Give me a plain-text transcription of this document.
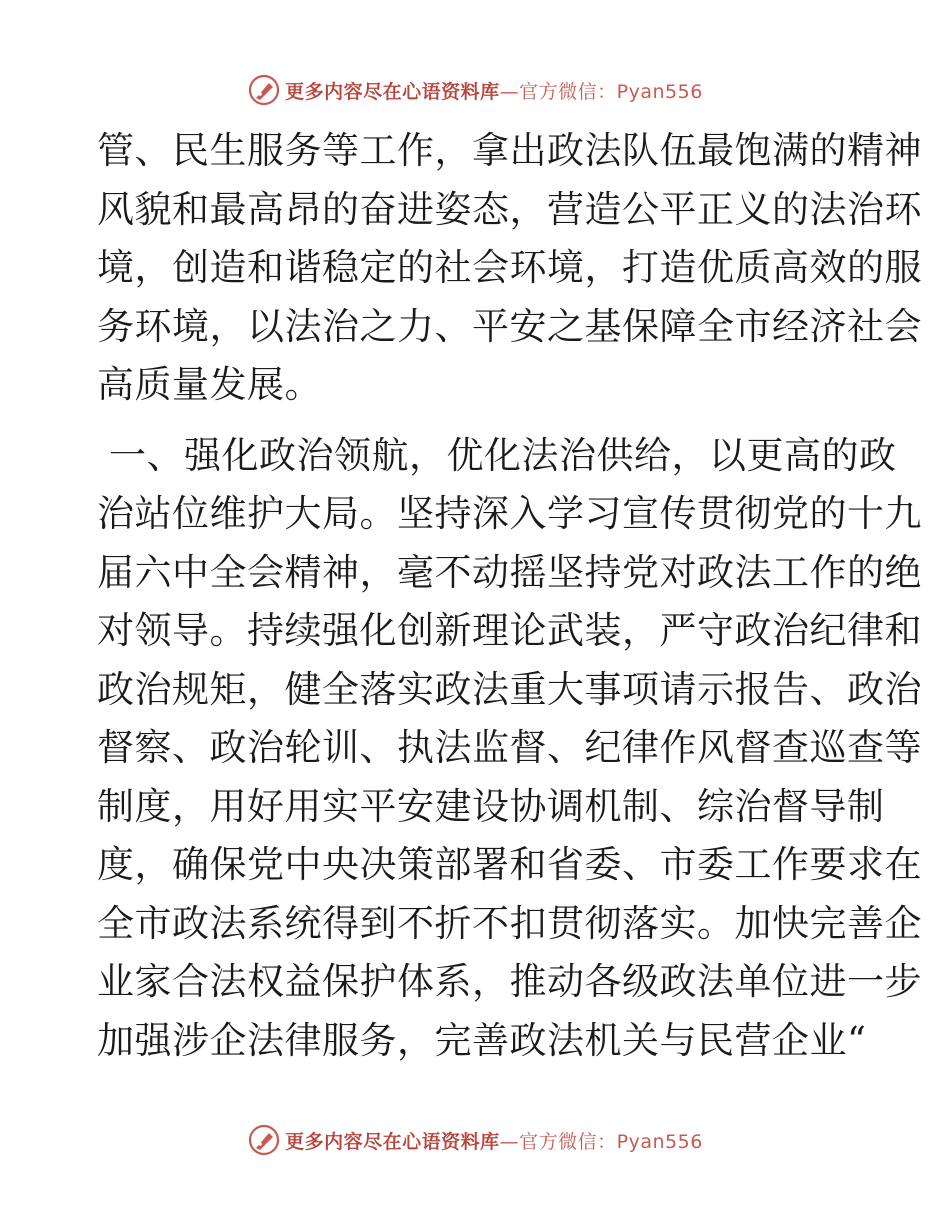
更多内容尽在心语资料库—官方微信：Pyan556
管、民生服务等工作，拿出政法队伍最饱满的精神
风貌和最高昂的奋进姿态，营造公平正义的法治环
境，创造和谐稳定的社会环境，打造优质高效的服
务环境，以法治之力、平安之基保障全市经济社会
高质量发展。
一、强化政治领航，优化法治供给，以更高的政
治站位维护大局。坚持深入学习宣传贯彻党的十九
届六中全会精神，毫不动摇坚持党对政法工作的绝
对领导。持续强化创新理论武装，严守政治纪律和
政治规矩，健全落实政法重大事项请示报告、政治
督察、政治轮训、执法监督、纪律作风督查巡查等
制度，用好用实平安建设协调机制、综治督导制
度，确保党中央决策部署和省委、市委工作要求在
全市政法系统得到不折不扣贯彻落实。加快完善企
业家合法权益保护体系，推动各级政法单位进一步
加强涉企法律服务，完善政法机关与民营企业“
更多内容尽在心语资料库—官方微信：Pyan556
